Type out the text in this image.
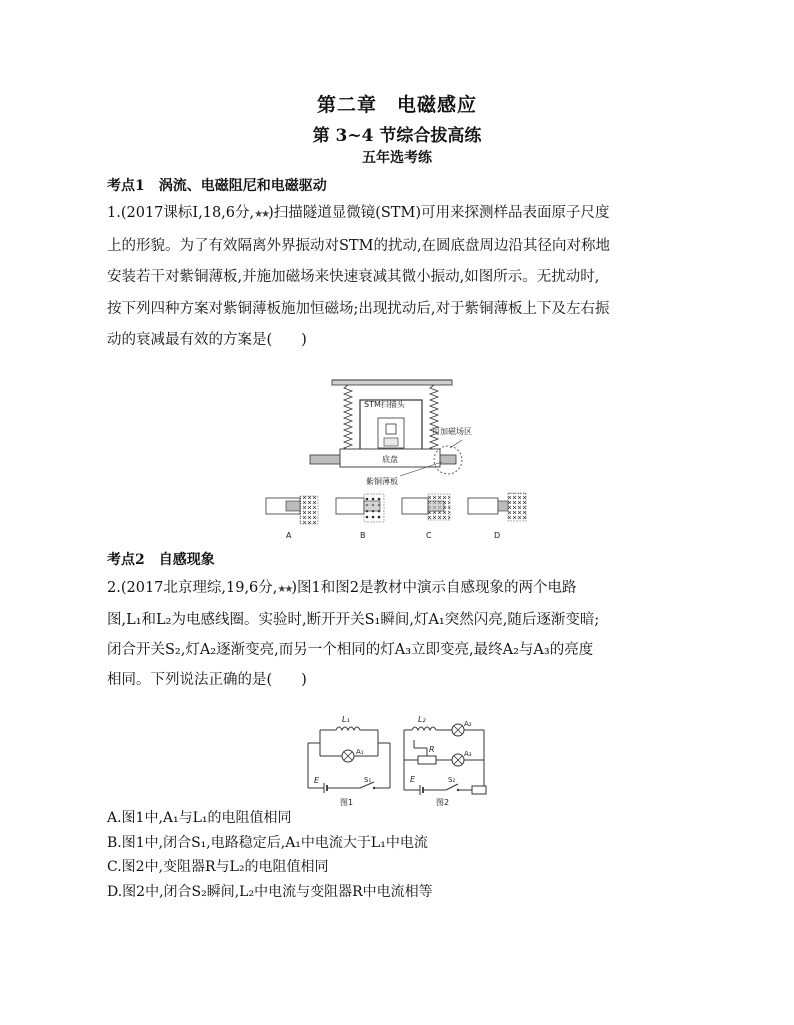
第二章　电磁感应
第 3~4 节综合拔高练
五年选考练
考点1　涡流、电磁阻尼和电磁驱动
1.(2017课标Ⅰ,18,6分,★★)扫描隧道显微镜(STM)可用来探测样品表面原子尺度
上的形貌。为了有效隔离外界振动对STM的扰动,在圆底盘周边沿其径向对称地
安装若干对紫铜薄板,并施加磁场来快速衰减其微小振动,如图所示。无扰动时,
按下列四种方案对紫铜薄板施加恒磁场;出现扰动后,对于紫铜薄板上下及左右振
动的衰减最有效的方案是(　　)
STM扫描头
底盘
可加磁场区
紫铜薄板
A	B	C	D
考点2　自感现象
2.(2017北京理综,19,6分,★★)图1和图2是教材中演示自感现象的两个电路
图,L₁和L₂为电感线圈。实验时,断开开关S₁瞬间,灯A₁突然闪亮,随后逐渐变暗;
闭合开关S₂,灯A₂逐渐变亮,而另一个相同的灯A₃立即变亮,最终A₂与A₃的亮度
相同。下列说法正确的是(　　)
L₁
A₁
E	S₁
图1
L₂	A₂
R	A₃
E	S₂
图2
A.图1中,A₁与L₁的电阻值相同
B.图1中,闭合S₁,电路稳定后,A₁中电流大于L₁中电流
C.图2中,变阻器R与L₂的电阻值相同
D.图2中,闭合S₂瞬间,L₂中电流与变阻器R中电流相等
